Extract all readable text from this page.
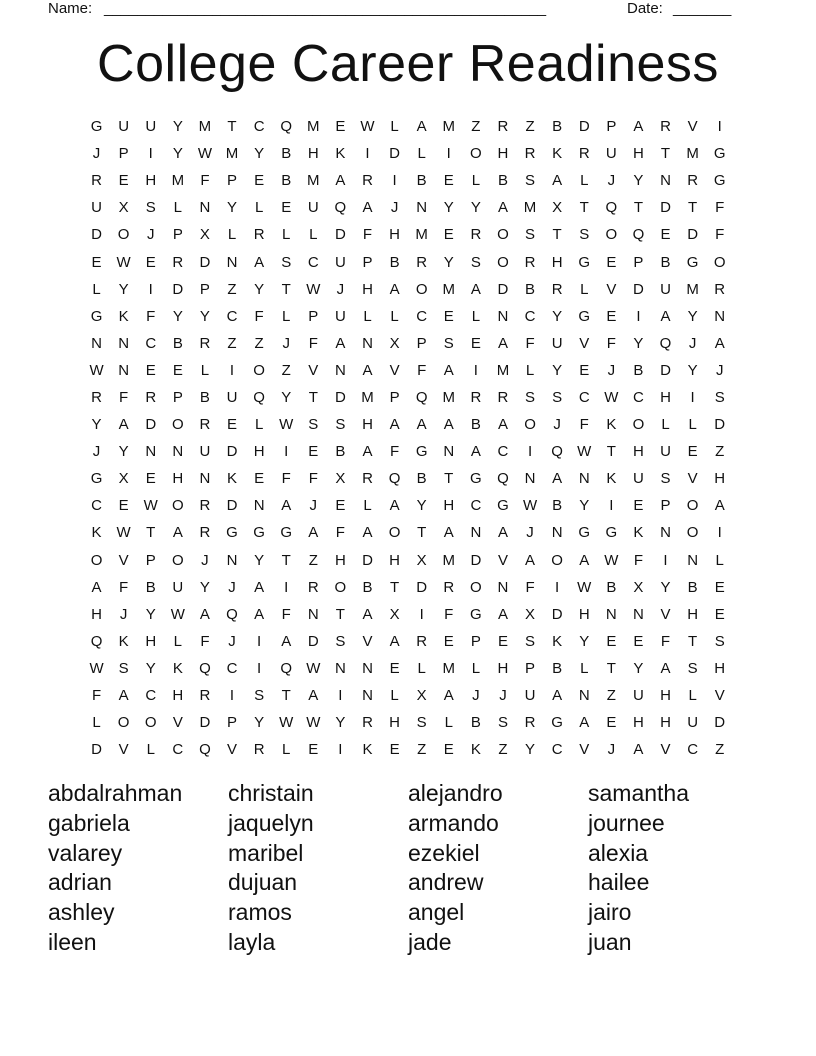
Name: _____________________________________________________	Date: _______
College Career Readiness
G	U	U	Y	M	T	C	Q	M	E	W	L	A	M	Z	R	Z	B	D	P	A	R	V	I
J	P	I	Y	W M	Y	B	H	K	I	D	L	I	O	H	R	K	R	U	H	T	M	G
R	E	H	M	F	P	E	B	M	A	R	I	B	E	L	B	S	A	L	J	Y	N	R	G
U	X	S	L	N	Y	L	E	U	Q	A	J	N	Y	Y	A	M	X	T	Q	T	D	T	F
D	O	J	P	X	L	R	L	L	D	F	H	M	E	R	O	S	T	S	O	Q	E	D	F
E	W	E	R	D	N	A	S	C	U	P	B	R	Y	S	O	R	H	G	E	P	B	G	O
L	Y	I	D	P	Z	Y	T	W	J	H	A	O	M	A	D	B	R	L	V	D	U	M	R
G	K	F	Y	Y	C	F	L	P	U	L	L	C	E	L	N	C	Y	G	E	I	A	Y	N
N	N	C	B	R	Z	Z	J	F	A	N	X	P	S	E	A	F	U	V	F	Y	Q	J	A
W N	E	E	L	I	O	Z	V	N	A	V	F	A	I	M	L	Y	E	J	B	D	Y	J
R	F	R	P	B	U	Q	Y	T	D	M	P	Q	M	R	R	S	S	C W C	H	I	S
Y	A	D	O	R	E	L	W	S	S	H	A	A	A	B	A	O	J	F	K	O	L	L	D
J	Y	N	N	U	D	H	I	E	B	A	F	G	N	A	C	I	Q W	T	H	U	E	Z
G	X	E	H	N	K	E	F	F	X	R	Q	B	T	G	Q	N	A	N	K	U	S	V	H
C	E	W O	R	D	N	A	J	E	L	A	Y	H	C	G W	B	Y	I	E	P	O	A
K	W	T	A	R	G	G	G	A	F	A	O	T	A	N	A	J	N	G	G	K	N	O	I
O	V	P	O	J	N	Y	T	Z	H	D	H	X	M	D	V	A	O	A	W	F	I	N	L
A	F	B	U	Y	J	A	I	R	O	B	T	D	R	O	N	F	I	W	B	X	Y	B	E
H	J	Y	W	A	Q	A	F	N	T	A	X	I	F	G	A	X	D	H	N	N	V	H	E
Q	K	H	L	F	J	I	A	D	S	V	A	R	E	P	E	S	K	Y	E	E	F	T	S
W	S	Y	K	Q	C	I	Q W N	N	E	L	M	L	H	P	B	L	T	Y	A	S	H
F	A	C	H	R	I	S	T	A	I	N	L	X	A	J	J	U	A	N	Z	U	H	L	V
L	O	O	V	D	P	Y	W W	Y	R	H	S	L	B	S	R	G	A	E	H	H	U	D
D	V	L	C	Q	V	R	L	E	I	K	E	Z	E	K	Z	Y	C	V	J	A	V	C	Z
abdalrahman
gabriela
valarey
adrian
ashley
ileen
christain
jaquelyn
maribel
dujuan
ramos
layla
alejandro
armando
ezekiel
andrew
angel
jade
samantha
journee
alexia
hailee
jairo
juan
